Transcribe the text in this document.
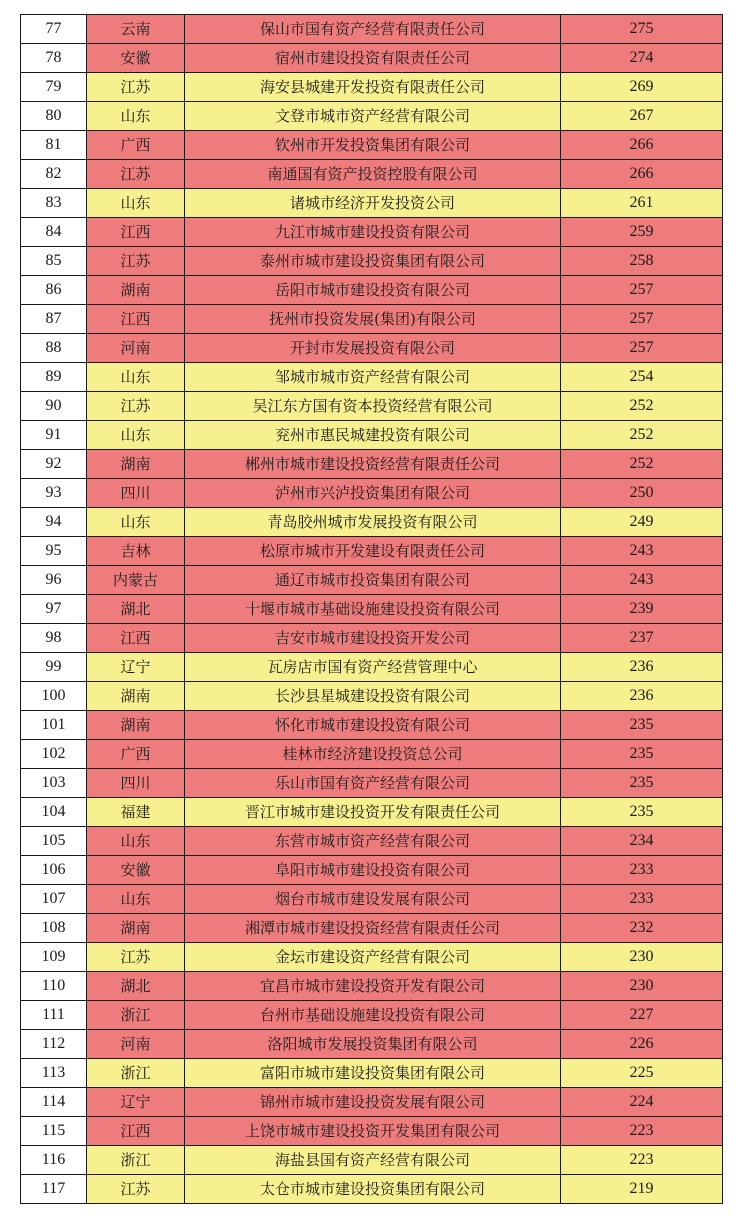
77	云南	保山市国有资产经营有限责任公司	275
78	安徽	宿州市建设投资有限责任公司	274
79	江苏	海安县城建开发投资有限责任公司	269
80	山东	文登市城市资产经营有限公司	267
81	广西	钦州市开发投资集团有限公司	266
82	江苏	南通国有资产投资控股有限公司	266
83	山东	诸城市经济开发投资公司	261
84	江西	九江市城市建设投资有限公司	259
85	江苏	泰州市城市建设投资集团有限公司	258
86	湖南	岳阳市城市建设投资有限公司	257
87	江西	抚州市投资发展(集团)有限公司	257
88	河南	开封市发展投资有限公司	257
89	山东	邹城市城市资产经营有限公司	254
90	江苏	吴江东方国有资本投资经营有限公司	252
91	山东	兖州市惠民城建投资有限公司	252
92	湖南	郴州市城市建设投资经营有限责任公司	252
93	四川	泸州市兴泸投资集团有限公司	250
94	山东	青岛胶州城市发展投资有限公司	249
95	吉林	松原市城市开发建设有限责任公司	243
96	内蒙古	通辽市城市投资集团有限公司	243
97	湖北	十堰市城市基础设施建设投资有限公司	239
98	江西	吉安市城市建设投资开发公司	237
99	辽宁	瓦房店市国有资产经营管理中心	236
100	湖南	长沙县星城建设投资有限公司	236
101	湖南	怀化市城市建设投资有限公司	235
102	广西	桂林市经济建设投资总公司	235
103	四川	乐山市国有资产经营有限公司	235
104	福建	晋江市城市建设投资开发有限责任公司	235
105	山东	东营市城市资产经营有限公司	234
106	安徽	阜阳市城市建设投资有限公司	233
107	山东	烟台市城市建设发展有限公司	233
108	湖南	湘潭市城市建设投资经营有限责任公司	232
109	江苏	金坛市建设资产经营有限公司	230
110	湖北	宜昌市城市建设投资开发有限公司	230
111	浙江	台州市基础设施建设投资有限公司	227
112	河南	洛阳城市发展投资集团有限公司	226
113	浙江	富阳市城市建设投资集团有限公司	225
114	辽宁	锦州市城市建设投资发展有限公司	224
115	江西	上饶市城市建设投资开发集团有限公司	223
116	浙江	海盐县国有资产经营有限公司	223
117	江苏	太仓市城市建设投资集团有限公司	219
